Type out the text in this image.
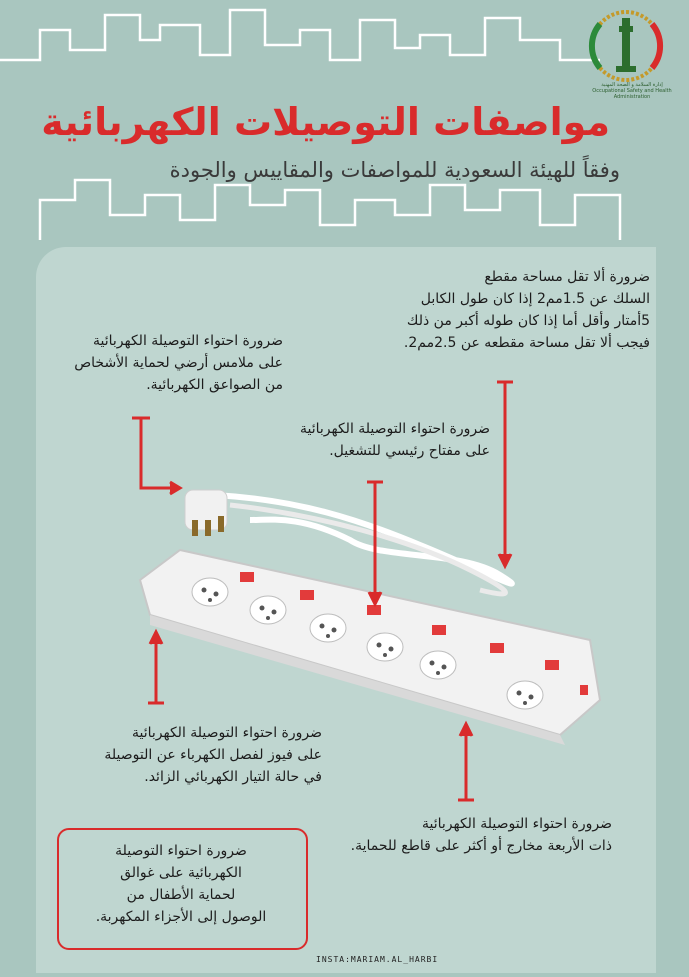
إدارة السلامة و الصحة المهنية
Occupational Safety and Health Administration
مواصفات التوصيلات الكهربائية
وفقاً للهيئة السعودية للمواصفات والمقاييس والجودة
ضرورة ألا تقل مساحة مقطع
السلك عن 1.5مم2 إذا كان طول الكابل
5أمتار وأقل أما إذا كان طوله أكبر من ذلك
فيجب ألا تقل مساحة مقطعه عن 2.5مم2.
ضرورة احتواء التوصيلة الكهربائية
على ملامس أرضي لحماية الأشخاص
من الصواعق الكهربائية.
ضرورة احتواء التوصيلة الكهربائية
على مفتاح رئيسي للتشغيل.
ضرورة احتواء التوصيلة الكهربائية
على فيوز لفصل الكهرباء عن التوصيلة
في حالة التيار الكهربائي الزائد.
ضرورة احتواء التوصيلة الكهربائية
ذات الأربعة مخارج أو أكثر على قاطع للحماية.
ضرورة احتواء التوصيلة
الكهربائية على غوالق
لحماية الأطفال من
الوصول إلى الأجزاء المكهربة.
INSTA:MARIAM.AL_HARBI
